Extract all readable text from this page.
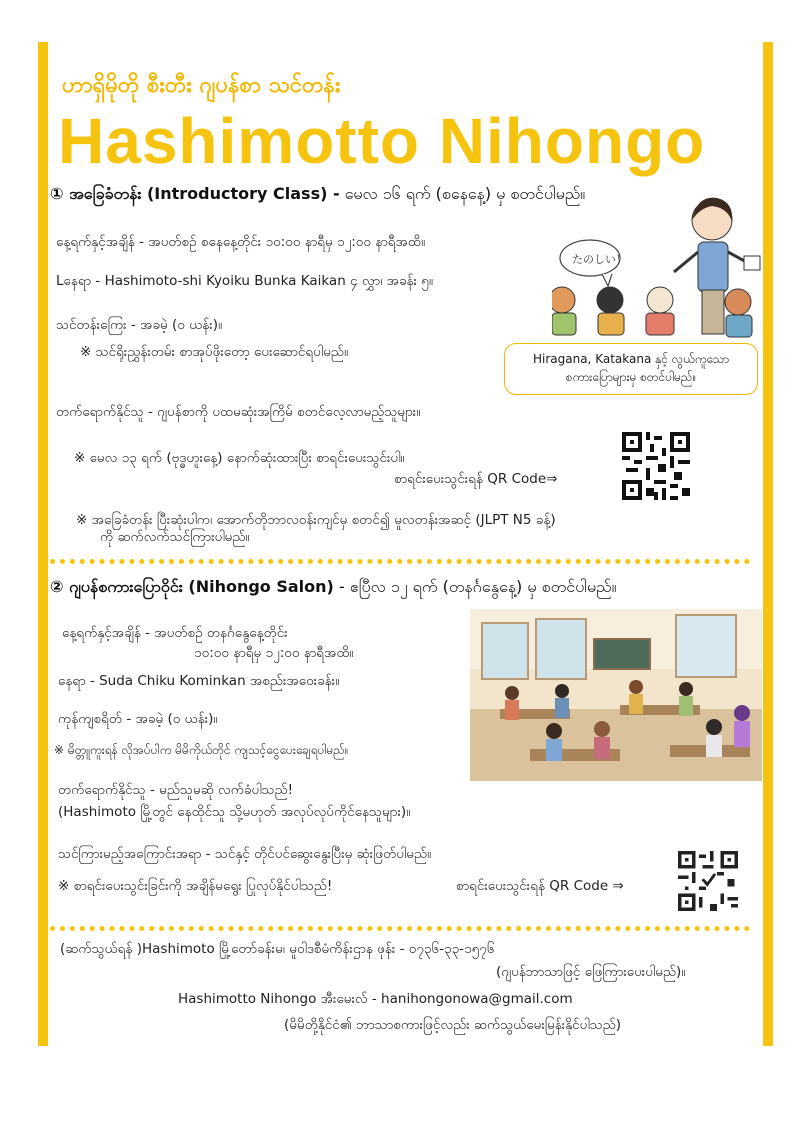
ဟာရှိမိုတို စီးတီး ဂျပန်စာ သင်တန်း
Hashimotto Nihongo
① အခြေခံတန်း (Introductory Class) - မေလ ၁၆ ရက် (စနေနေ့) မှ စတင်ပါမည်။
နေ့ရက်နှင့်အချိန် - အပတ်စဉ် စနေနေ့တိုင်း ၁၀:၀၀ နာရီမှ ၁၂:၀၀ နာရီအထိ။
Lနေရာ - Hashimoto-shi Kyoiku Bunka Kaikan ၄ လွှာ၊ အခန်း ၅။
သင်တန်းကြေး - အခမဲ့ (၀ ယန်း)။
※ သင်ရိုးညွှန်းတမ်း စာအုပ်ဖိုးတော့ ပေးဆောင်ရပါမည်။
たのしい！
Hiragana, Katakana နှင့် လွယ်ကူသော
စကားပြောများမှ စတင်ပါမည်။
တက်ရောက်နိုင်သူ - ဂျပန်စာကို ပထမဆုံးအကြိမ် စတင်လေ့လာမည့်သူများ။
※ မေလ ၁၃ ရက် (ဗုဒ္ဓဟူးနေ့) နောက်ဆုံးထားပြီး စာရင်းပေးသွင်းပါ။
စာရင်းပေးသွင်းရန် QR Code⇒
※ အခြေခံတန်း ပြီးဆုံးပါက၊ အောက်တိုဘာလ၀န်းကျင်မှ စတင်၍ မူလတန်းအဆင့် (JLPT N5 ခန့်)
ကို ဆက်လက်သင်ကြားပါမည်။
② ဂျပန်စကားပြောဝိုင်း (Nihongo Salon) - ဧပြီလ ၁၂ ရက် (တနင်္ဂနွေနေ့) မှ စတင်ပါမည်။
နေ့ရက်နှင့်အချိန် - အပတ်စဉ် တနင်္ဂနွေနေ့တိုင်း
၁၀:၀၀ နာရီမှ ၁၂:၀၀ နာရီအထိ။
နေရာ - Suda Chiku Kominkan အစည်းအဝေးခန်း။
ကုန်ကျစရိတ် - အခမဲ့ (၀ ယန်း)။
※ မိတ္တူကူးရန် လိုအပ်ပါက မိမိကိုယ်တိုင် ကျသင့်ငွေပေးချေရပါမည်။
တက်ရောက်နိုင်သူ - မည်သူမဆို လက်ခံပါသည်!
(Hashimoto မြို့တွင် နေထိုင်သူ သို့မဟုတ် အလုပ်လုပ်ကိုင်နေသူများ)။
သင်ကြားမည့်အကြောင်းအရာ - သင်နှင့် တိုင်ပင်ဆွေးနွေးပြီးမှ ဆုံးဖြတ်ပါမည်။
※ စာရင်းပေးသွင်းခြင်းကို အချိန်မရွေး ပြုလုပ်နိုင်ပါသည်!	စာရင်းပေးသွင်းရန် QR Code ⇒
(ဆက်သွယ်ရန် )Hashimoto မြို့တော်ခန်းမ၊ မူဝါဒစီမံကိန်းဌာန ဖုန်း - ၀၇၃၆-၃၃-၁၅၇၆
(ဂျပန်ဘာသာဖြင့် ဖြေကြားပေးပါမည်)။
Hashimotto Nihongo အီးမေးလ် - hanihongonowa@gmail.com
(မိမိတို့နိုင်ငံ၏ ဘာသာစကားဖြင့်လည်း ဆက်သွယ်မေးမြန်းနိုင်ပါသည်)
